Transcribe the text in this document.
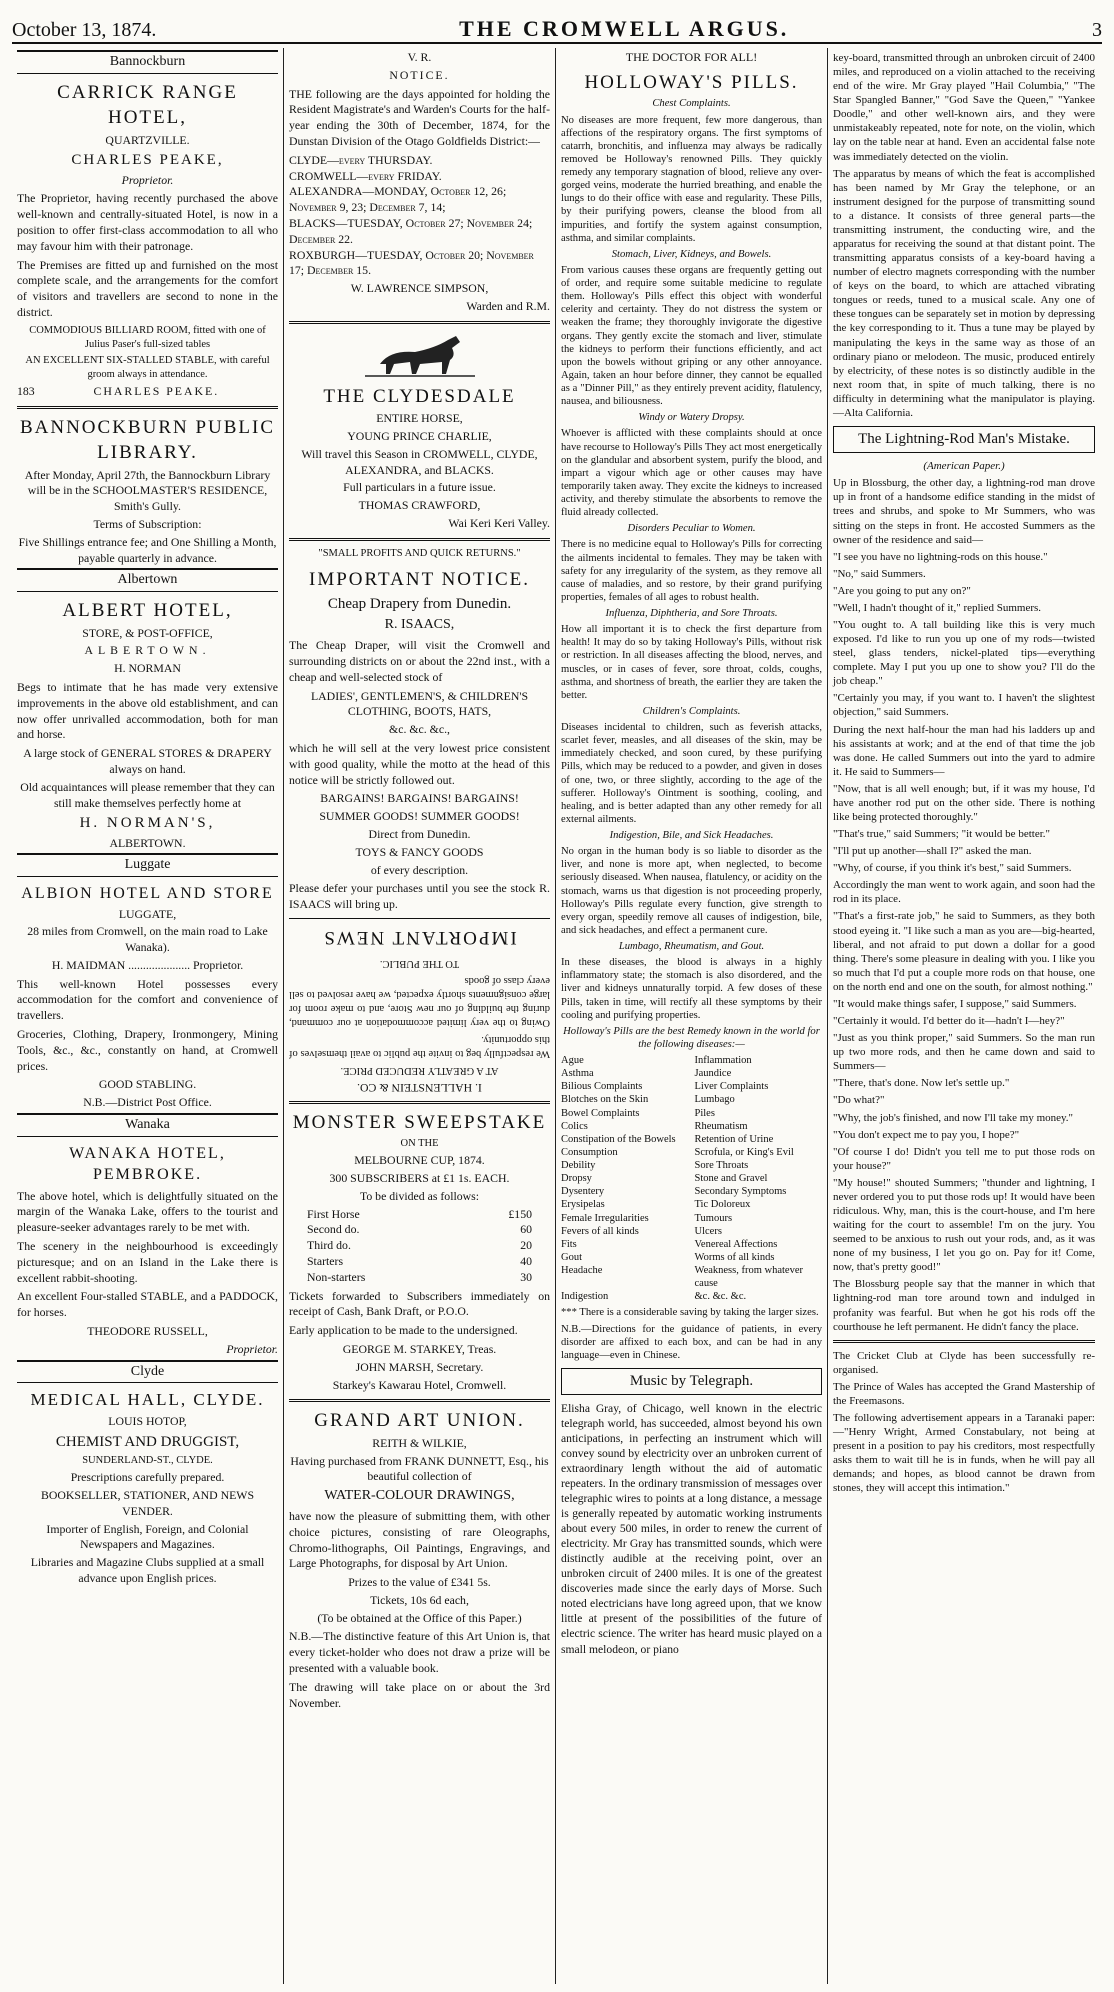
October 13, 1874.	THE CROMWELL ARGUS.	3
Bannockburn
CARRICK RANGE HOTEL,
QUARTZVILLE.
CHARLES PEAKE,
Proprietor.

The Proprietor, having recently purchased the above well-known and centrally-situated Hotel, is now in a position to offer first-class accommodation to all who may favour him with their patronage.

The Premises are fitted up and furnished on the most complete scale, and the arrangements for the comfort of visitors and travellers are second to none in the district.

COMMODIOUS BILLIARD ROOM, fitted with one of Julius Paser's full-sized tables

AN EXCELLENT SIX-STALLED STABLE, with careful groom always in attendance.

183	CHARLES PEAKE.
BANNOCKBURN PUBLIC LIBRARY.

After Monday, April 27th, the Bannockburn Library will be in the SCHOOLMASTER'S RESIDENCE, Smith's Gully.

Terms of Subscription:

Five Shillings entrance fee; and One Shilling a Month, payable quarterly in advance.

Albertown
ALBERT HOTEL,
STORE, & POST-OFFICE,
ALBERTOWN.
H. NORMAN

Begs to intimate that he has made very extensive improvements in the above old establishment, and can now offer unrivalled accommodation, both for man and horse.

A large stock of GENERAL STORES & DRAPERY always on hand.

Old acquaintances will please remember that they can still make themselves perfectly home at

H. NORMAN'S,
ALBERTOWN.
Luggate
ALBION HOTEL AND STORE
LUGGATE,

28 miles from Cromwell, on the main road to Lake Wanaka).

H. MAIDMAN ..................... Proprietor.

This well-known Hotel possesses every accommodation for the comfort and convenience of travellers.

Groceries, Clothing, Drapery, Ironmongery, Mining Tools, &c., &c., constantly on hand, at Cromwell prices.

GOOD STABLING.

N.B.—District Post Office.

Wanaka
WANAKA HOTEL, PEMBROKE.

The above hotel, which is delightfully situated on the margin of the Wanaka Lake, offers to the tourist and pleasure-seeker advantages rarely to be met with.

The scenery in the neighbourhood is exceedingly picturesque; and on an Island in the Lake there is excellent rabbit-shooting.

An excellent Four-stalled STABLE, and a PADDOCK, for horses.

THEODORE RUSSELL,
Proprietor.
Clyde
MEDICAL HALL, CLYDE.
LOUIS HOTOP,
CHEMIST AND DRUGGIST,
SUNDERLAND-ST., CLYDE.

Prescriptions carefully prepared.

BOOKSELLER, STATIONER, AND NEWS VENDER.

Importer of English, Foreign, and Colonial Newspapers and Magazines.

Libraries and Magazine Clubs supplied at a small advance upon English prices.

V. R.
NOTICE.

THE following are the days appointed for holding the Resident Magistrate's and Warden's Courts for the half-year ending the 30th of December, 1874, for the Dunstan Division of the Otago Goldfields District:—

CLYDE—every THURSDAY.
CROMWELL—every FRIDAY.
ALEXANDRA—MONDAY, October 12, 26; November 9, 23; December 7, 14;
BLACKS—TUESDAY, October 27; November 24; December 22.
ROXBURGH—TUESDAY, October 20; November 17; December 15.
W. LAWRENCE SIMPSON,
Warden and R.M.
THE CLYDESDALE
ENTIRE HORSE,
YOUNG PRINCE CHARLIE,

Will travel this Season in CROMWELL, CLYDE, ALEXANDRA, and BLACKS.

Full particulars in a future issue.

THOMAS CRAWFORD,
Wai Keri Keri Valley.
"SMALL PROFITS AND QUICK RETURNS."
IMPORTANT NOTICE.
Cheap Drapery from Dunedin.
R. ISAACS,

The Cheap Draper, will visit the Cromwell and surrounding districts on or about the 22nd inst., with a cheap and well-selected stock of

LADIES', GENTLEMEN'S, & CHILDREN'S CLOTHING, BOOTS, HATS,

&c. &c. &c.,

which he will sell at the very lowest price consistent with good quality, while the motto at the head of this notice will be strictly followed out.

BARGAINS! BARGAINS! BARGAINS!
SUMMER GOODS! SUMMER GOODS!
Direct from Dunedin.
TOYS & FANCY GOODS
of every description.

Please defer your purchases until you see the stock R. ISAACS will bring up.

I. HALLENSTEIN & CO.
AT A GREATLY REDUCED PRICE.

We respectfully beg to invite the public to avail themselves of this opportunity.

Owing to the very limited accommodation at our command, during the building of our new Store, and to make room for large consignments shortly expected, we have resolved to sell every class of goods

TO THE PUBLIC.
IMPORTANT NEWS
MONSTER SWEEPSTAKE
ON THE
MELBOURNE CUP, 1874.
300 SUBSCRIBERS at £1 1s. EACH.
To be divided as follows:
First Horse	£150
Second do.	60
Third do.	20
Starters	40
Non-starters	30

Tickets forwarded to Subscribers immediately on receipt of Cash, Bank Draft, or P.O.O.

Early application to be made to the undersigned.

GEORGE M. STARKEY, Treas.
JOHN MARSH, Secretary.
Starkey's Kawarau Hotel, Cromwell.
GRAND ART UNION.
REITH & WILKIE,

Having purchased from FRANK DUNNETT, Esq., his beautiful collection of

WATER-COLOUR DRAWINGS,

have now the pleasure of submitting them, with other choice pictures, consisting of rare Oleographs, Chromo-lithographs, Oil Paintings, Engravings, and Large Photographs, for disposal by Art Union.

Prizes to the value of £341 5s.
Tickets, 10s 6d each,
(To be obtained at the Office of this Paper.)

N.B.—The distinctive feature of this Art Union is, that every ticket-holder who does not draw a prize will be presented with a valuable book.

The drawing will take place on or about the 3rd November.

THE DOCTOR FOR ALL!
HOLLOWAY'S PILLS.
Chest Complaints.

No diseases are more frequent, few more dangerous, than affections of the respiratory organs. The first symptoms of catarrh, bronchitis, and influenza may always be radically removed be Holloway's renowned Pills. They quickly remedy any temporary stagnation of blood, relieve any over-gorged veins, moderate the hurried breathing, and enable the lungs to do their office with ease and regularity. These Pills, by their purifying powers, cleanse the blood from all impurities, and fortify the system against consumption, asthma, and similar complaints.

Stomach, Liver, Kidneys, and Bowels.

From various causes these organs are frequently getting out of order, and require some suitable medicine to regulate them. Holloway's Pills effect this object with wonderful celerity and certainty. They do not distress the system or weaken the frame; they thoroughly invigorate the digestive organs. They gently excite the stomach and liver, stimulate the kidneys to perform their functions efficiently, and act upon the bowels without griping or any other annoyance. Again, taken an hour before dinner, they cannot be equalled as a "Dinner Pill," as they entirely prevent acidity, flatulency, nausea, and biliousness.

Windy or Watery Dropsy.

Whoever is afflicted with these complaints should at once have recourse to Holloway's Pills They act most energetically on the glandular and absorbent system, purify the blood, and impart a vigour which age or other causes may have temporarily taken away. They excite the kidneys to increased activity, and thereby stimulate the absorbents to remove the fluid already collected.

Disorders Peculiar to Women.

There is no medicine equal to Holloway's Pills for correcting the ailments incidental to females. They may be taken with safety for any irregularity of the system, as they remove all cause of maladies, and so restore, by their grand purifying properties, females of all ages to robust health.

Influenza, Diphtheria, and Sore Throats.

How all important it is to check the first departure from health! It may do so by taking Holloway's Pills, without risk or restriction. In all diseases affecting the blood, nerves, and muscles, or in cases of fever, sore throat, colds, coughs, asthma, and shortness of breath, the earlier they are taken the better.

Children's Complaints.

Diseases incidental to children, such as feverish attacks, scarlet fever, measles, and all diseases of the skin, may be immediately checked, and soon cured, by these purifying Pills, which may be reduced to a powder, and given in doses of one, two, or three slightly, according to the age of the sufferer. Holloway's Ointment is soothing, cooling, and healing, and is better adapted than any other remedy for all external ailments.

Indigestion, Bile, and Sick Headaches.

No organ in the human body is so liable to disorder as the liver, and none is more apt, when neglected, to become seriously diseased. When nausea, flatulency, or acidity on the stomach, warns us that digestion is not proceeding properly, Holloway's Pills regulate every function, give strength to every organ, speedily remove all causes of indigestion, bile, and sick headaches, and effect a permanent cure.

Lumbago, Rheumatism, and Gout.

In these diseases, the blood is always in a highly inflammatory state; the stomach is also disordered, and the liver and kidneys unnaturally torpid. A few doses of these Pills, taken in time, will rectify all these symptoms by their cooling and purifying properties.

Holloway's Pills are the best Remedy known in the world for the following diseases:—
Ague	Inflammation
Asthma	Jaundice
Bilious Complaints	Liver Complaints
Blotches on the Skin	Lumbago
Bowel Complaints	Piles
Colics	Rheumatism
Constipation of the Bowels	Retention of Urine
Consumption	Scrofula, or King's Evil
Debility	Sore Throats
Dropsy	Stone and Gravel
Dysentery	Secondary Symptoms
Erysipelas	Tic Doloreux
Female Irregularities	Tumours
Fevers of all kinds	Ulcers
Fits	Venereal Affections
Gout	Worms of all kinds
Headache	Weakness, from whatever cause
Indigestion	&c. &c. &c.

*** There is a considerable saving by taking the larger sizes.

N.B.—Directions for the guidance of patients, in every disorder are affixed to each box, and can be had in any language—even in Chinese.

Music by Telegraph.

Elisha Gray, of Chicago, well known in the electric telegraph world, has succeeded, almost beyond his own anticipations, in perfecting an instrument which will convey sound by electricity over an unbroken current of extraordinary length without the aid of automatic repeaters. In the ordinary transmission of messages over telegraphic wires to points at a long distance, a message is generally repeated by automatic working instruments about every 500 miles, in order to renew the current of electricity. Mr Gray has transmitted sounds, which were distinctly audible at the receiving point, over an unbroken circuit of 2400 miles. It is one of the greatest discoveries made since the early days of Morse. Such noted electricians have long agreed upon, that we know little at present of the possibilities of the future of electric science. The writer has heard music played on a small melodeon, or piano

key-board, transmitted through an unbroken circuit of 2400 miles, and reproduced on a violin attached to the receiving end of the wire. Mr Gray played "Hail Columbia," "The Star Spangled Banner," "God Save the Queen," "Yankee Doodle," and other well-known airs, and they were unmistakeably repeated, note for note, on the violin, which lay on the table near at hand. Even an accidental false note was immediately detected on the violin.

The apparatus by means of which the feat is accomplished has been named by Mr Gray the telephone, or an instrument designed for the purpose of transmitting sound to a distance. It consists of three general parts—the transmitting instrument, the conducting wire, and the apparatus for receiving the sound at that distant point. The transmitting apparatus consists of a key-board having a number of electro magnets corresponding with the number of keys on the board, to which are attached vibrating tongues or reeds, tuned to a musical scale. Any one of these tongues can be separately set in motion by depressing the key corresponding to it. Thus a tune may be played by manipulating the keys in the same way as those of an ordinary piano or melodeon. The music, produced entirely by electricity, of these notes is so distinctly audible in the next room that, in spite of much talking, there is no difficulty in determining what the manipulator is playing.—Alta California.

The Lightning-Rod Man's Mistake.
(American Paper.)

Up in Blossburg, the other day, a lightning-rod man drove up in front of a handsome edifice standing in the midst of trees and shrubs, and spoke to Mr Summers, who was sitting on the steps in front. He accosted Summers as the owner of the residence and said—

"I see you have no lightning-rods on this house."

"No," said Summers.

"Are you going to put any on?"

"Well, I hadn't thought of it," replied Summers.

"You ought to. A tall building like this is very much exposed. I'd like to run you up one of my rods—twisted steel, glass tenders, nickel-plated tips—everything complete. May I put you up one to show you? I'll do the job cheap."

"Certainly you may, if you want to. I haven't the slightest objection," said Summers.

During the next half-hour the man had his ladders up and his assistants at work; and at the end of that time the job was done. He called Summers out into the yard to admire it. He said to Summers—

"Now, that is all well enough; but, if it was my house, I'd have another rod put on the other side. There is nothing like being protected thoroughly."

"That's true," said Summers; "it would be better."

"I'll put up another—shall I?" asked the man.

"Why, of course, if you think it's best," said Summers.

Accordingly the man went to work again, and soon had the rod in its place.

"That's a first-rate job," he said to Summers, as they both stood eyeing it. "I like such a man as you are—big-hearted, liberal, and not afraid to put down a dollar for a good thing. There's some pleasure in dealing with you. I like you so much that I'd put a couple more rods on that house, one on the north end and one on the south, for almost nothing."

"It would make things safer, I suppose," said Summers.

"Certainly it would. I'd better do it—hadn't I—hey?"

"Just as you think proper," said Summers. So the man run up two more rods, and then he came down and said to Summers—

"There, that's done. Now let's settle up."

"Do what?"

"Why, the job's finished, and now I'll take my money."

"You don't expect me to pay you, I hope?"

"Of course I do! Didn't you tell me to put those rods on your house?"

"My house!" shouted Summers; "thunder and lightning, I never ordered you to put those rods up! It would have been ridiculous. Why, man, this is the court-house, and I'm here waiting for the court to assemble! I'm on the jury. You seemed to be anxious to rush out your rods, and, as it was none of my business, I let you go on. Pay for it! Come, now, that's pretty good!"

The Blossburg people say that the manner in which that lightning-rod man tore around town and indulged in profanity was fearful. But when he got his rods off the courthouse he left permanent. He didn't fancy the place.

The Cricket Club at Clyde has been successfully re-organised.

The Prince of Wales has accepted the Grand Mastership of the Freemasons.

The following advertisement appears in a Taranaki paper:—"Henry Wright, Armed Constabulary, not being at present in a position to pay his creditors, most respectfully asks them to wait till he is in funds, when he will pay all demands; and hopes, as blood cannot be drawn from stones, they will accept this intimation."
